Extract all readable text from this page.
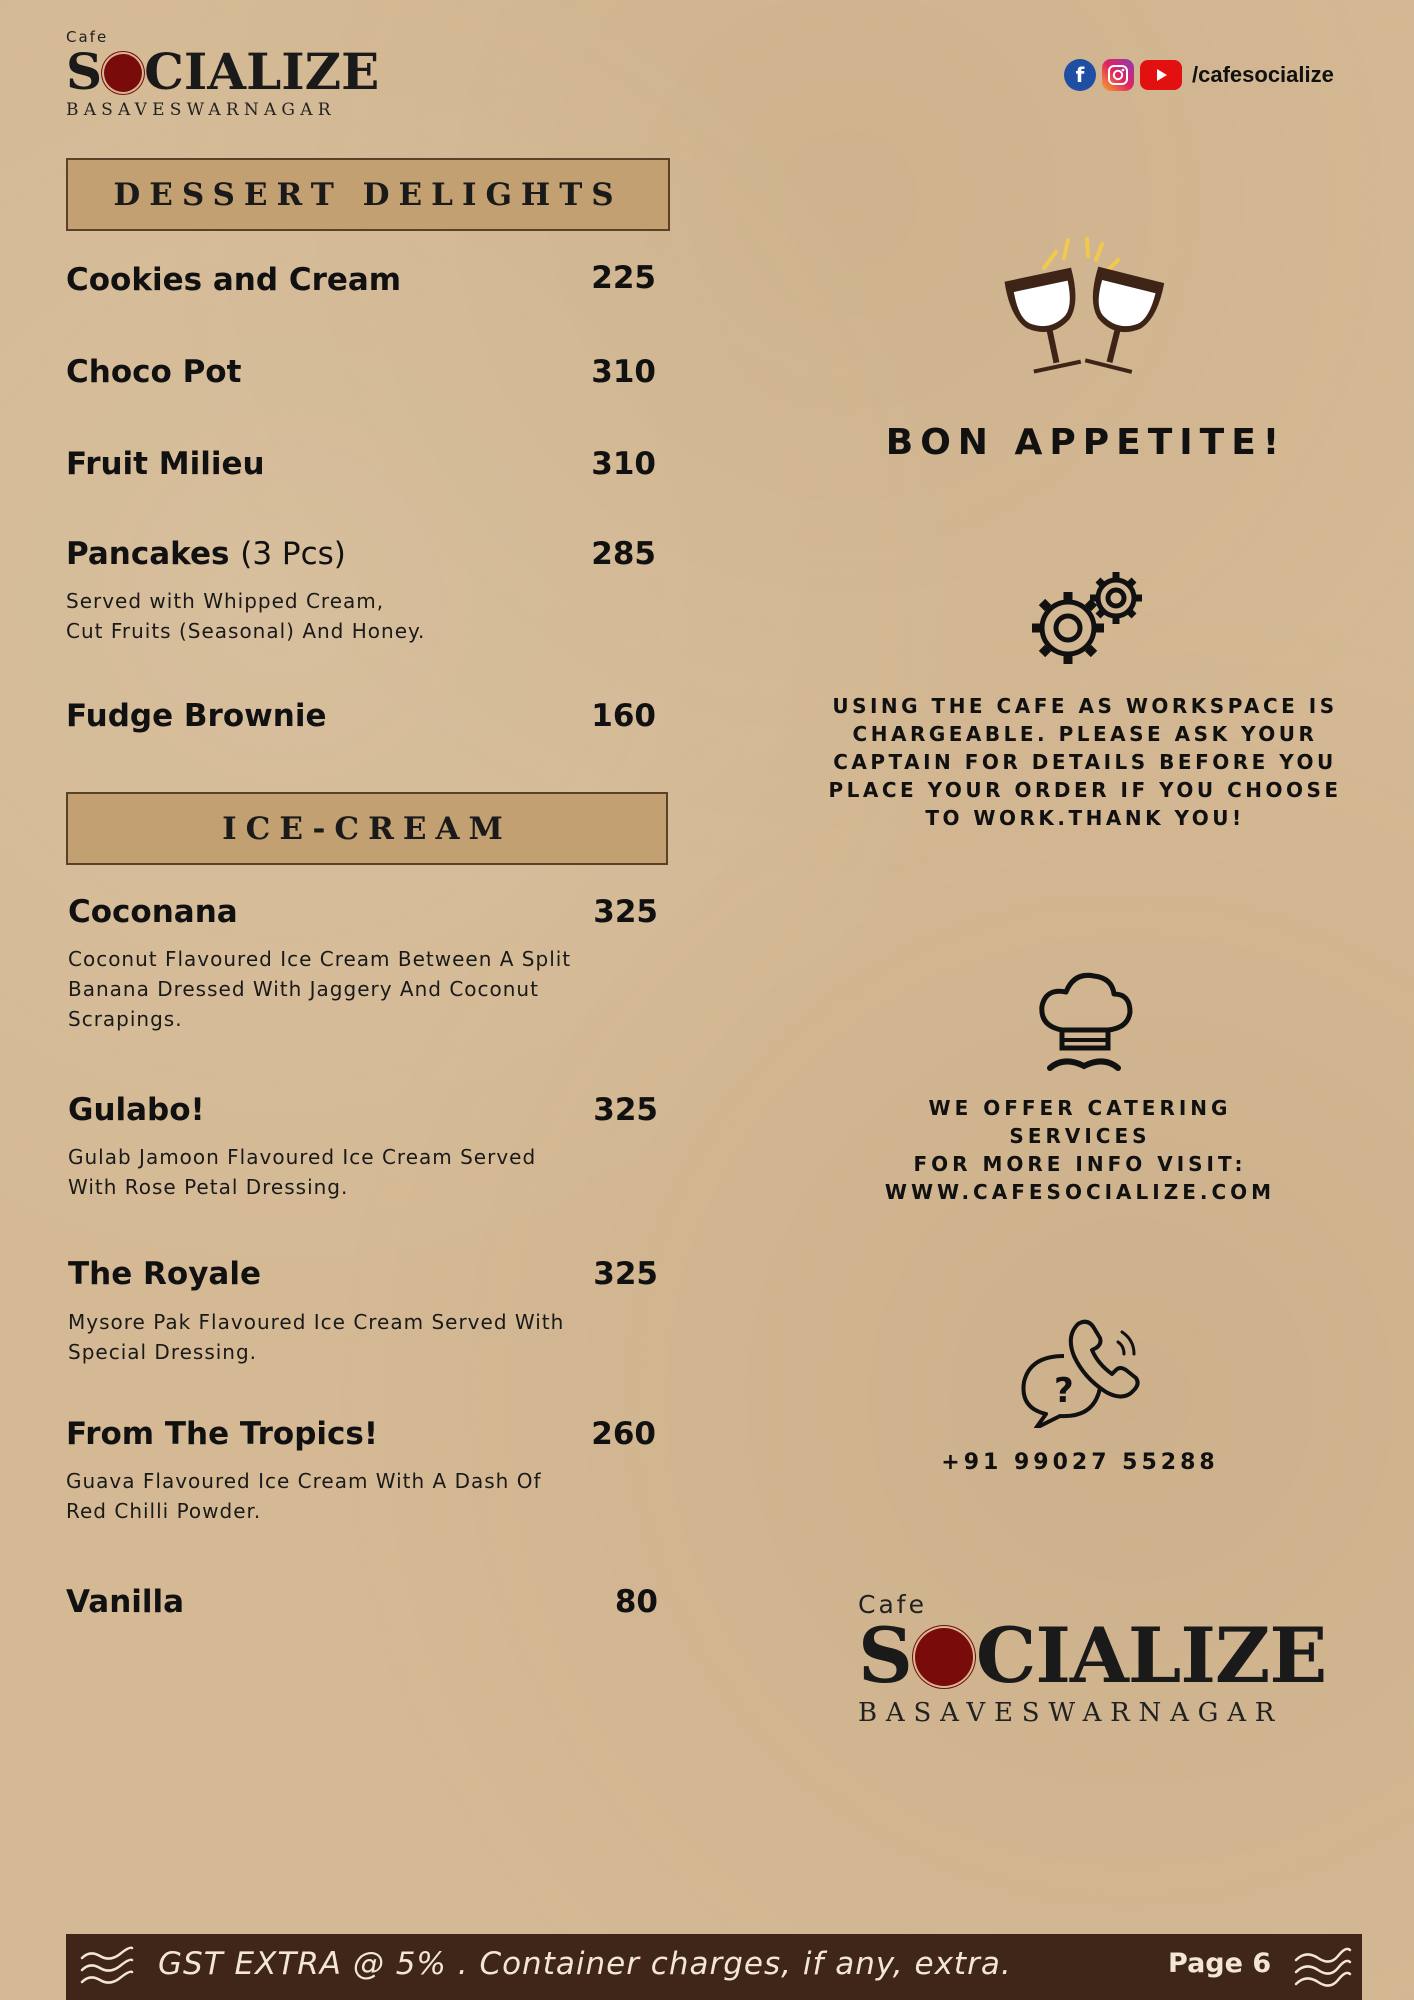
Cafe
S CIALIZE
BASAVESWARNAGAR
f	/cafesocialize
DESSERT DELIGHTS
Cookies and Cream	225
Choco Pot	310
Fruit Milieu	310
Pancakes (3 Pcs)	285
Served with Whipped Cream,
Cut Fruits (Seasonal) And Honey.
Fudge Brownie	160
ICE-CREAM
Coconana	325
Coconut Flavoured Ice Cream Between A Split
Banana Dressed With Jaggery And Coconut
Scrapings.
Gulabo!	325
Gulab Jamoon Flavoured Ice Cream Served
With Rose Petal Dressing.
The Royale	325
Mysore Pak Flavoured Ice Cream Served With
Special Dressing.
From The Tropics!	260
Guava Flavoured Ice Cream With A Dash Of
Red Chilli Powder.
Vanilla	80
BON APPETITE!
USING THE CAFE AS WORKSPACE IS
CHARGEABLE. PLEASE ASK YOUR
CAPTAIN FOR DETAILS BEFORE YOU
PLACE YOUR ORDER IF YOU CHOOSE
TO WORK.THANK YOU!
WE OFFER CATERING
SERVICES
FOR MORE INFO VISIT:
WWW.CAFESOCIALIZE.COM
?
+91 99027 55288
Cafe
S CIALIZE
BASAVESWARNAGAR
GST EXTRA @ 5% . Container charges, if any, extra.	Page 6
